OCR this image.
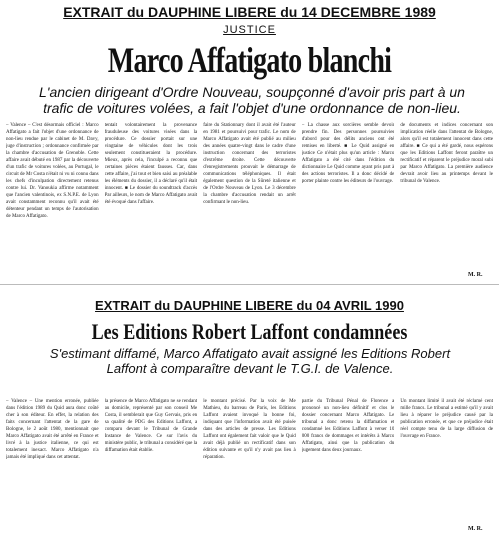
EXTRAIT du DAUPHINE LIBERE du 14 DECEMBRE 1989
JUSTICE
Marco Affatigato blanchi
L'ancien dirigeant d'Ordre Nouveau, soupçonné d'avoir pris part à un trafic de voitures volées, a fait l'objet d'une ordonnance de non-lieu.

– Valence – C'est désormais officiel : Marco Affatigato a fait l'objet d'une ordonnance de non-lieu rendue par le cabinet de M. Davy, juge d'instruction ; ordonnance confirmée par la chambre d'accusation de Grenoble. Cette affaire avait débuté en 1987 par la découverte d'un trafic de voitures volées, au Portugal, le circuit de Mr Costa n'était ni vu ni connu dans les chefs d'inculpation directement retenus contre lui. Dr. Vanoukia affirme notamment que l'ancien valentinois, ex S.N.P.E. de Lyon avait constamment reconnu qu'il avait été détenteur pendant un temps de l'autorisation de Marco Affatigato.

tentait volontairement la provenance frauduleuse des voitures visées dans la procédure. Ce dossier portait sur une vingtaine de véhicules dont les trois seulement constitueraient la procédure. Mieux, après cela, l'inculpé a reconnu que certaines pièces étaient fausses. Car, dans cette affaire, j'ai tout et bien saisi au préalable les éléments du dossier, il a déclaré qu'il était innocent. ■ Le dossier du soundtrack d'accès Par ailleurs, le nom de Marco Affatigato avait été évoqué dans l'affaire.

faire du Stationnary dont il avait été l'auteur en 1981 et poursuivi pour trafic. Le nom de Marco Affatigato avait été publié au milieu des années quatre-vingt dans le cadre d'une instruction concernant des terroristes d'extrême droite. Cette découverte d'enregistrements prouvait le démarrage de communications téléphoniques. Il était également question de la Sûreté italienne et de l'Ordre Nouveau de Lyon. Le 3 décembre la chambre d'accusation rendait un arrêt confirmant le non-lieu.

– La chasse aux sorcières semble devoir prendre fin. Des personnes poursuivies d'abord pour des délits anciens ont été remises en liberté. ■ Le Quid assigné en justice Ce n'était plus qu'un article : Marco Affatigato a été cité dans l'édition du dictionnaire Le Quid comme ayant pris part à des actions terroristes. Il a donc décidé de porter plainte contre les éditeurs de l'ouvrage.

de documents et indices concernant son implication réelle dans l'attentat de Bologne, alors qu'il est totalement innocent dans cette affaire. ■ Ce qui a été gardé, nous espérons que les Editions Laffont feront paraître un rectificatif et réparent le préjudice moral subi par Marco Affatigato. La première audience devrait avoir lieu au printemps devant le tribunal de Valence.

M. R.
EXTRAIT du DAUPHINE LIBERE du 04 AVRIL 1990
Les Editions Robert Laffont condamnées
S'estimant diffamé, Marco Affatigato avait assigné les Editions Robert Laffont à comparaître devant le T.G.I. de Valence.

– Valence – Une mention erronée, publiée dans l'édition 1989 du Quid aura donc coûté cher à son éditeur. En effet, la relation des faits concernant l'attentat de la gare de Bologne, le 2 août 1980, mentionnait que Marco Affatigato avait été arrêté en France et livré à la justice italienne, ce qui est totalement inexact. Marco Affatigato n'a jamais été impliqué dans cet attentat.

la présence de Marco Affatigato ne se rendant au domicile, représenté par son conseil Me Costa, il semblerait que Guy Gervais, pris en sa qualité de PDG des Editions Laffont, a comparu devant le Tribunal de Grande Instance de Valence. Ce sur l'avis du ministère public, le tribunal a considéré que la diffamation était établie.

le montant précisé. Par la voix de Me Mathieu, du barreau de Paris, les Editions Laffont avaient invoqué la bonne foi, indiquant que l'information avait été puisée dans des articles de presse. Les Editions Laffont ont également fait valoir que le Quid avait déjà publié un rectificatif dans son édition suivante et qu'il n'y avait pas lieu à réparation.

partie du Tribunal Pénal de Florence a prononcé un non-lieu définitif et clos le dossier concernant Marco Affatigato. Le tribunal a donc retenu la diffamation et condamné les Editions Laffont à verser 10 000 francs de dommages et intérêts à Marco Affatigato, ainsi que la publication du jugement dans deux journaux.

Un montant limité il avait été réclamé cent mille francs. Le tribunal a estimé qu'il y avait lieu à réparer le préjudice causé par la publication erronée, et que ce préjudice était réel compte tenu de la large diffusion de l'ouvrage en France.

M. R.
